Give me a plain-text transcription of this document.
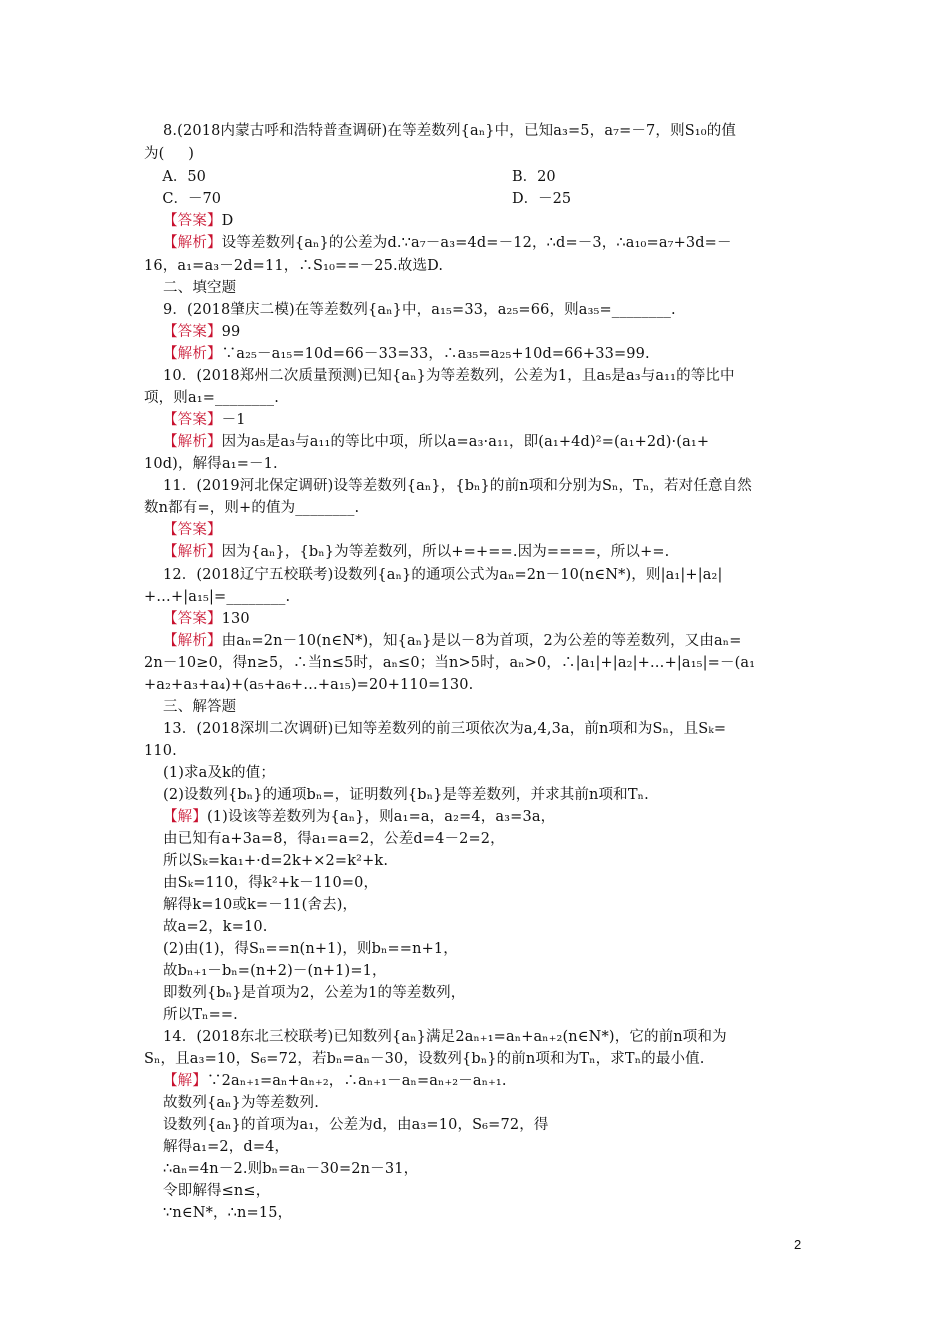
8.(2018内蒙古呼和浩特普查调研)在等差数列{aₙ}中，已知a₃=5，a₇=－7，则S₁₀的值
为(     )
A．50	B．20
C．－70	D．－25
【答案】D
【解析】设等差数列{aₙ}的公差为d.∵a₇－a₃=4d=－12，∴d=－3，∴a₁₀=a₇+3d=－
16，a₁=a₃－2d=11，∴S₁₀==－25.故选D.
二、填空题
9．(2018肇庆二模)在等差数列{aₙ}中，a₁₅=33，a₂₅=66，则a₃₅=________.
【答案】99
【解析】∵a₂₅－a₁₅=10d=66－33=33，∴a₃₅=a₂₅+10d=66+33=99.
10．(2018郑州二次质量预测)已知{aₙ}为等差数列，公差为1，且a₅是a₃与a₁₁的等比中
项，则a₁=________.
【答案】－1
【解析】因为a₅是a₃与a₁₁的等比中项，所以a=a₃·a₁₁，即(a₁+4d)²=(a₁+2d)·(a₁+
10d)，解得a₁=－1.
11．(2019河北保定调研)设等差数列{aₙ}，{bₙ}的前n项和分别为Sₙ，Tₙ，若对任意自然
数n都有=，则+的值为________.
【答案】
【解析】因为{aₙ}，{bₙ}为等差数列，所以+=+==.因为====，所以+=.
12．(2018辽宁五校联考)设数列{aₙ}的通项公式为aₙ=2n－10(n∈N*)，则|a₁|+|a₂|
+…+|a₁₅|=________.
【答案】130
【解析】由aₙ=2n－10(n∈N*)，知{aₙ}是以－8为首项，2为公差的等差数列，又由aₙ=
2n－10≥0，得n≥5，∴当n≤5时，aₙ≤0；当n>5时，aₙ>0，∴|a₁|+|a₂|+…+|a₁₅|=－(a₁
+a₂+a₃+a₄)+(a₅+a₆+…+a₁₅)=20+110=130.
三、解答题
13．(2018深圳二次调研)已知等差数列的前三项依次为a,4,3a，前n项和为Sₙ，且Sₖ=
110.
(1)求a及k的值；
(2)设数列{bₙ}的通项bₙ=，证明数列{bₙ}是等差数列，并求其前n项和Tₙ.
【解】(1)设该等差数列为{aₙ}，则a₁=a，a₂=4，a₃=3a，
由已知有a+3a=8，得a₁=a=2，公差d=4－2=2，
所以Sₖ=ka₁+·d=2k+×2=k²+k.
由Sₖ=110，得k²+k－110=0，
解得k=10或k=－11(舍去)，
故a=2，k=10.
(2)由(1)，得Sₙ==n(n+1)，则bₙ==n+1，
故bₙ₊₁－bₙ=(n+2)－(n+1)=1，
即数列{bₙ}是首项为2，公差为1的等差数列，
所以Tₙ==.
14．(2018东北三校联考)已知数列{aₙ}满足2aₙ₊₁=aₙ+aₙ₊₂(n∈N*)，它的前n项和为
Sₙ，且a₃=10，S₆=72，若bₙ=aₙ－30，设数列{bₙ}的前n项和为Tₙ，求Tₙ的最小值.
【解】∵2aₙ₊₁=aₙ+aₙ₊₂，∴aₙ₊₁－aₙ=aₙ₊₂－aₙ₊₁.
故数列{aₙ}为等差数列.
设数列{aₙ}的首项为a₁，公差为d，由a₃=10，S₆=72，得
解得a₁=2，d=4，
∴aₙ=4n－2.则bₙ=aₙ－30=2n－31，
令即解得≤n≤，
∵n∈N*，∴n=15，
2
